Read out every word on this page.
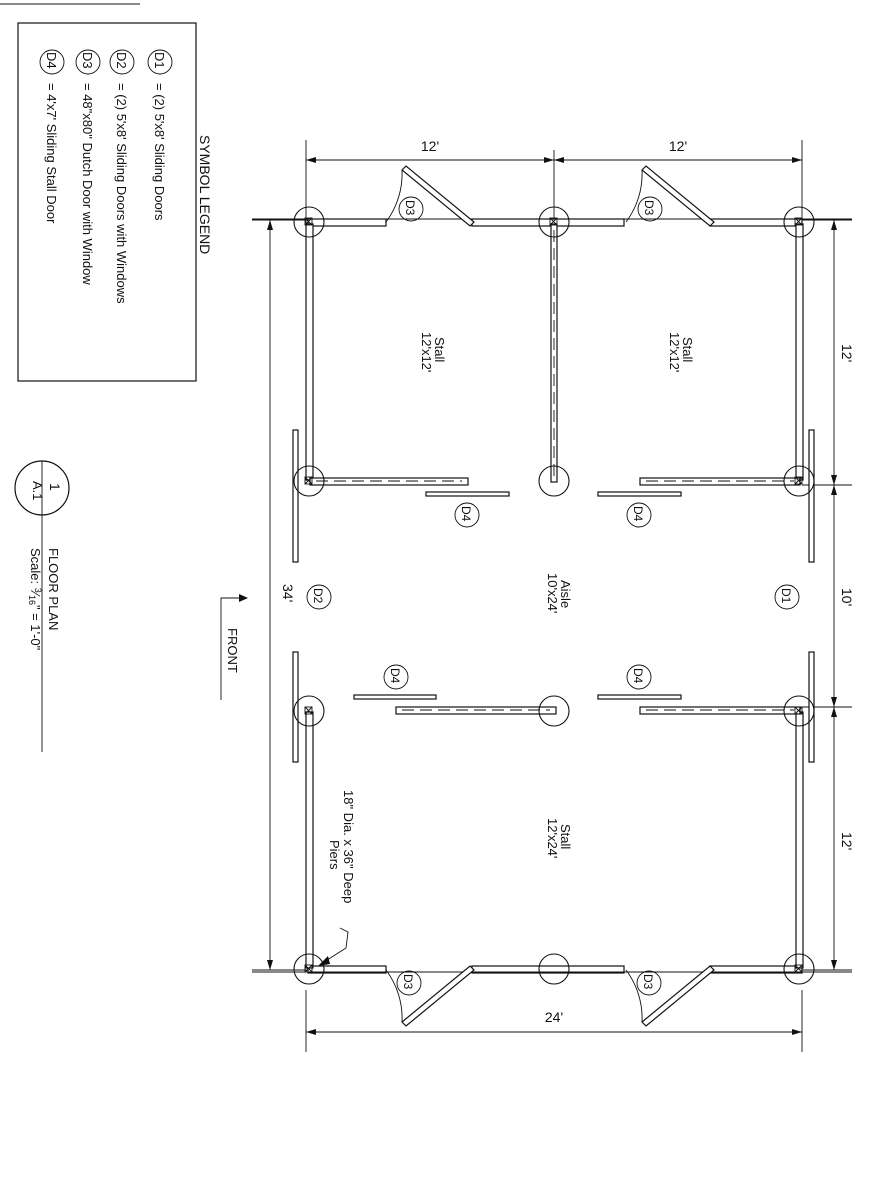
SYMBOL LEGEND
D1
= (2) 5'x8' Sliding Doors
D2
= (2) 5'x8' Sliding Doors with Windows
D3
= 48"x80" Dutch Door with Window
D4
= 4'x7' Sliding Stall Door
1
A.1
FLOOR PLAN
Scale: $^3$⁄16" = 1'-0"
FRONT
12'	12'
24'
34'
12'
10'
12'
D3	D3
D3	D3
D4	D4
D4	D4
D1
D2
Stall
12'x12'	Stall
12'x12'
Aisle
10'x24'
Stall
12'x24'
18" Dia. x 36" Deep
Piers
